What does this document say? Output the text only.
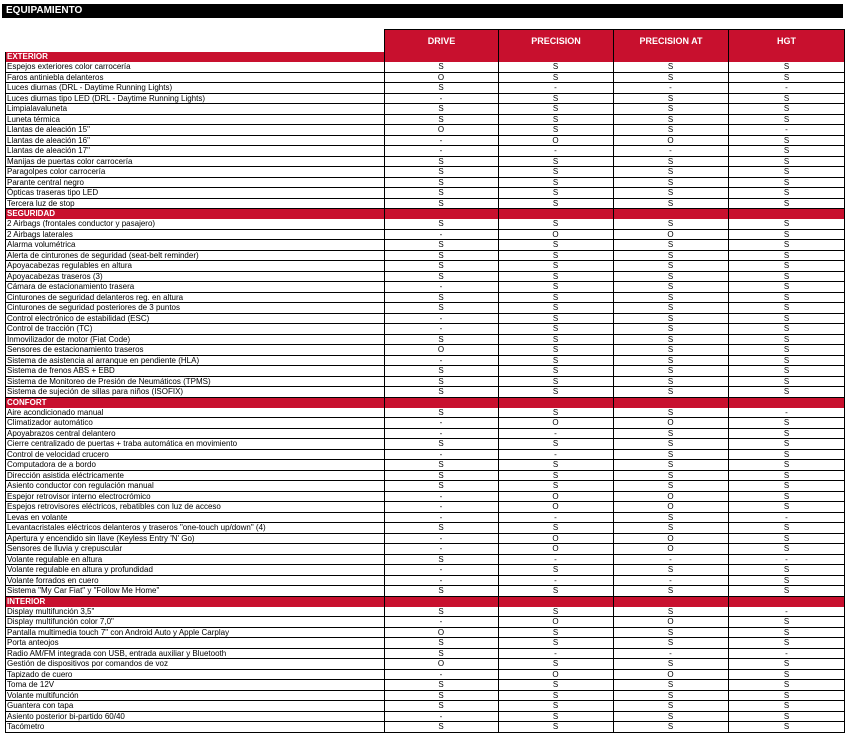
EQUIPAMIENTO
DRIVE	PRECISION	PRECISION AT	HGT
EXTERIOR
Espejos exteriores color carrocería	S	S	S	S
Faros antiniebla delanteros	O	S	S	S
Luces diurnas (DRL - Daytime Running Lights)	S	-	-	-
Luces diurnas tipo LED (DRL - Daytime Running Lights)	-	S	S	S
Limpialavaluneta	S	S	S	S
Luneta térmica	S	S	S	S
Llantas de aleación 15"	O	S	S	-
Llantas de aleación 16"	-	O	O	S
Llantas de aleación 17"	-	-	-	S
Manijas de puertas color carrocería	S	S	S	S
Paragolpes color carrocería	S	S	S	S
Parante central negro	S	S	S	S
Ópticas traseras tipo LED	S	S	S	S
Tercera luz de stop	S	S	S	S
SEGURIDAD
2 Airbags (frontales conductor y pasajero)	S	S	S	S
2 Airbags laterales	-	O	O	S
Alarma volumétrica	S	S	S	S
Alerta de cinturones de seguridad (seat-belt reminder)	S	S	S	S
Apoyacabezas regulables en altura	S	S	S	S
Apoyacabezas traseros (3)	S	S	S	S
Cámara de estacionamiento trasera	-	S	S	S
Cinturones de seguridad delanteros reg. en altura	S	S	S	S
Cinturones de seguridad posteriores de 3 puntos	S	S	S	S
Control electrónico de estabilidad (ESC)	-	S	S	S
Control de tracción (TC)	-	S	S	S
Inmovilizador de motor (Fiat Code)	S	S	S	S
Sensores de estacionamiento traseros	O	S	S	S
Sistema de asistencia al arranque en pendiente (HLA)	-	S	S	S
Sistema de frenos ABS + EBD	S	S	S	S
Sistema de Monitoreo de Presión de Neumáticos (TPMS)	S	S	S	S
Sistema de sujeción de sillas para niños (ISOFIX)	S	S	S	S
CONFORT
Aire acondicionado manual	S	S	S	-
Climatizador automático	-	O	O	S
Apoyabrazos central delantero	-	-	S	S
Cierre centralizado de puertas + traba automática en movimiento	S	S	S	S
Control de velocidad crucero	-	-	S	S
Computadora de a bordo	S	S	S	S
Dirección asistida eléctricamente	S	S	S	S
Asiento conductor con regulación manual	S	S	S	S
Espejor retrovisor interno electrocrómico	-	O	O	S
Espejos retrovisores eléctricos, rebatibles con luz de acceso	-	O	O	S
Levas en volante	-	-	S	-
Levantacristales eléctricos delanteros y traseros "one-touch up/down" (4)	S	S	S	S
Apertura y encendido sin llave (Keyless Entry 'N' Go)	-	O	O	S
Sensores de lluvia y crepuscular	-	O	O	S
Volante regulable en altura	S	-	-	-
Volante regulable en altura y profundidad	-	S	S	S
Volante forrados en cuero	-	-	-	S
Sistema "My Car Fiat" y "Follow Me Home"	S	S	S	S
INTERIOR
Display multifunción 3,5"	S	S	S	-
Display multifunción color 7,0"	-	O	O	S
Pantalla multimedia touch 7" con Android Auto y Apple Carplay	O	S	S	S
Porta anteojos	S	S	S	S
Radio AM/FM integrada con USB, entrada auxiliar y Bluetooth	S	-	-	-
Gestión de dispositivos por comandos de voz	O	S	S	S
Tapizado de cuero	-	O	O	S
Toma de 12V	S	S	S	S
Volante multifunción	S	S	S	S
Guantera con tapa	S	S	S	S
Asiento posterior bi-partido 60/40	-	S	S	S
Tacómetro	S	S	S	S
